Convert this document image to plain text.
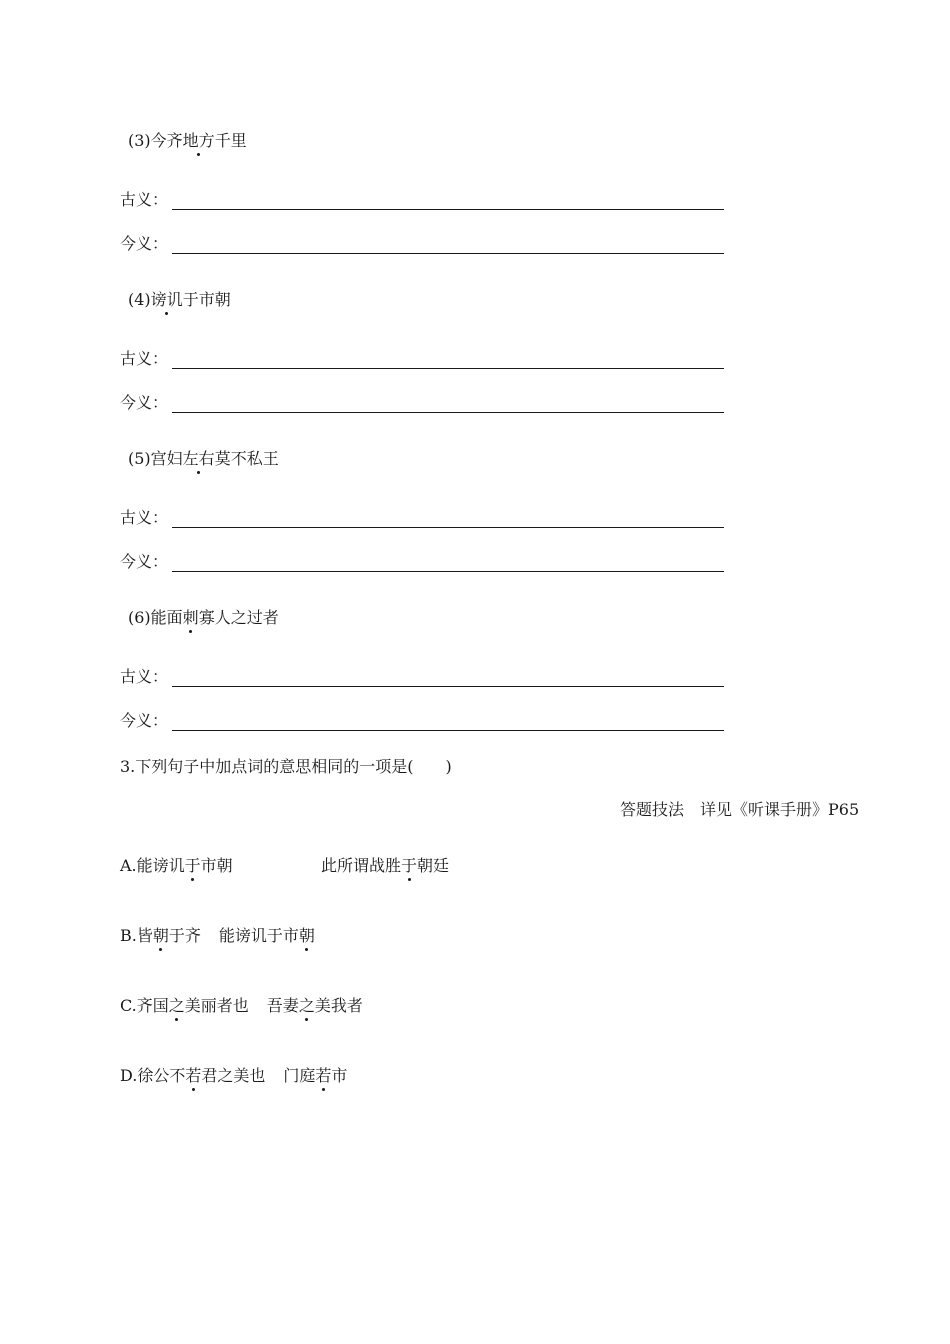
(3)今齐地方千里
古义：
今义：
(4)谤讥于市朝
古义：
今义：
(5)宫妇左右莫不私王
古义：
今义：
(6)能面刺寡人之过者
古义：
今义：
3.下列句子中加点词的意思相同的一项是(　　)
答题技法　详见《听课手册》P65
A.能谤讥于市朝	此所谓战胜于朝廷
B.皆朝于齐 能谤讥于市朝
C.齐国之美丽者也 吾妻之美我者
D.徐公不若君之美也 门庭若市
